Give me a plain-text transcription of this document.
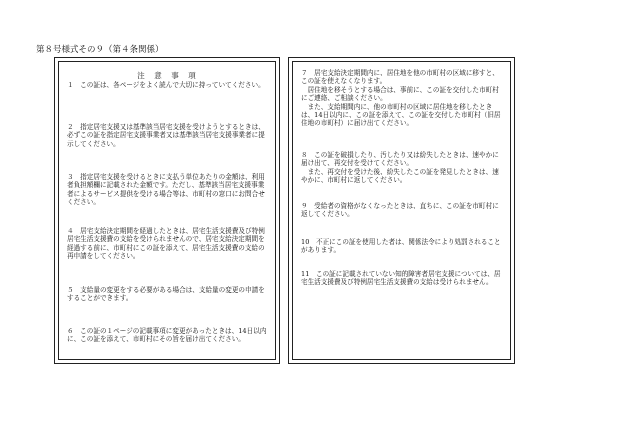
第８号様式その９（第４条関係）
注　意　事　項
１　この証は、各ページをよく読んで大切に持っていてください。
２　指定居宅支援又は基準該当居宅支援を受けようとするときは、必ずこの証を指定居宅支援事業者又は基準該当居宅支援事業者に提示してください。
３　指定居宅支援を受けるときに支払う単位あたりの金額は、利用者負担額欄に記載された金額です。ただし、基準該当居宅支援事業者によるサービス提供を受ける場合等は、市町村の窓口にお問合せください。
４　居宅支給決定期間を経過したときは、居宅生活支援費及び特例居宅生活支援費の支給を受けられませんので、居宅支給決定期間を経過する前に、市町村にこの証を添えて、居宅生活支援費の支給の再申請をしてください。
５　支給量の変更をする必要がある場合は、支給量の変更の申請をすることができます。
６　この証の１ページの記載事項に変更があったときは、14日以内に、この証を添えて、市町村にその旨を届け出てください。
７　居宅支給決定期間内に、居住地を他の市町村の区域に移すと、この証を使えなくなります。
　居住地を移そうとする場合は、事前に、この証を交付した市町村にご連絡、ご相談ください。
　また、支給期間内に、他の市町村の区域に居住地を移したときは、14日以内に、この証を添えて、この証を交付した市町村（旧居住地の市町村）に届け出てください。
８　この証を破損したり、汚したり又は紛失したときは、速やかに届け出て、再交付を受けてください。
　また、再交付を受けた後、紛失したこの証を発見したときは、速やかに、市町村に返してください。
９　受給者の資格がなくなったときは、直ちに、この証を市町村に返してください。
10　不正にこの証を使用した者は、関係法令により処罰されることがあります。
11　この証に記載されていない知的障害者居宅支援については、居宅生活支援費及び特例居宅生活支援費の支給は受けられません。
